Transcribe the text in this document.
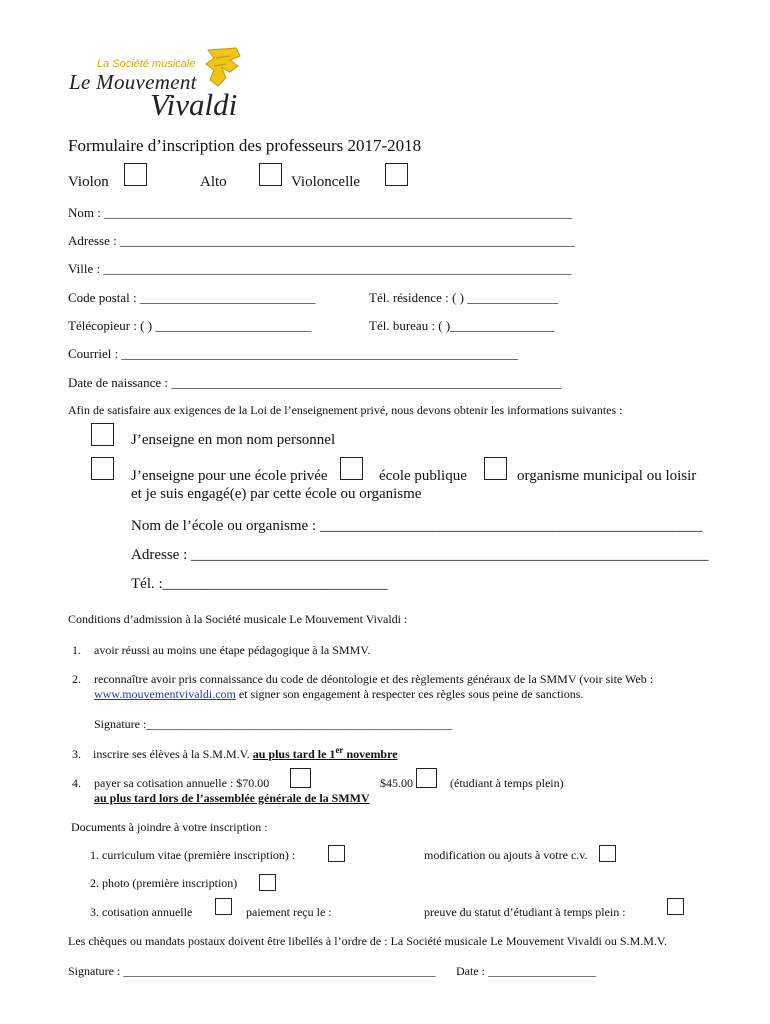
La Société musicale
Le Mouvement
Vivaldi
Formulaire d’inscription des professeurs 2017-2018
Violon	Alto	Violoncelle
Nom : ________________________________________________________________________
Adresse : ______________________________________________________________________
Ville : ________________________________________________________________________
Code postal : ___________________________	Tél. résidence : ( ) ______________
Télécopieur : ( ) ________________________	Tél. bureau : ( )________________
Courriel : _____________________________________________________________
Date de naissance : ____________________________________________________________
Afin de satisfaire aux exigences de la Loi de l’enseignement privé, nous devons obtenir les informations suivantes :
J’enseigne en mon nom personnel
J’enseigne pour une école privée
et je suis engagé(e) par cette école ou organisme
école publique	organisme municipal ou loisir
Nom de l’école ou organisme : ___________________________________________________
Adresse : _____________________________________________________________________
Tél. :______________________________
Conditions d’admission à la Société musicale Le Mouvement Vivaldi :
1. avoir réussi au moins une étape pédagogique à la SMMV.
2. reconnaître avoir pris connaissance du code de déontologie et des règlements généraux de la SMMV (voir site Web :
www.mouvementvivaldi.com et signer son engagement à respecter ces règles sous peine de sanctions.
Signature :___________________________________________________
3. inscrire ses élèves à la S.M.M.V. au plus tard le 1er novembre
4. payer sa cotisation annuelle : $70.00	$45.00	(étudiant à temps plein)
au plus tard lors de l’assemblée générale de la SMMV
Documents à joindre à votre inscription :
1. curriculum vitae (première inscription) :	modification ou ajouts à votre c.v.
2. photo (première inscription)
3. cotisation annuelle	paiement reçu le :	preuve du statut d’étudiant à temps plein :
Les chèques ou mandats postaux doivent être libellés à l’ordre de : La Société musicale Le Mouvement Vivaldi ou S.M.M.V.
Signature : ____________________________________________________ Date : __________________
